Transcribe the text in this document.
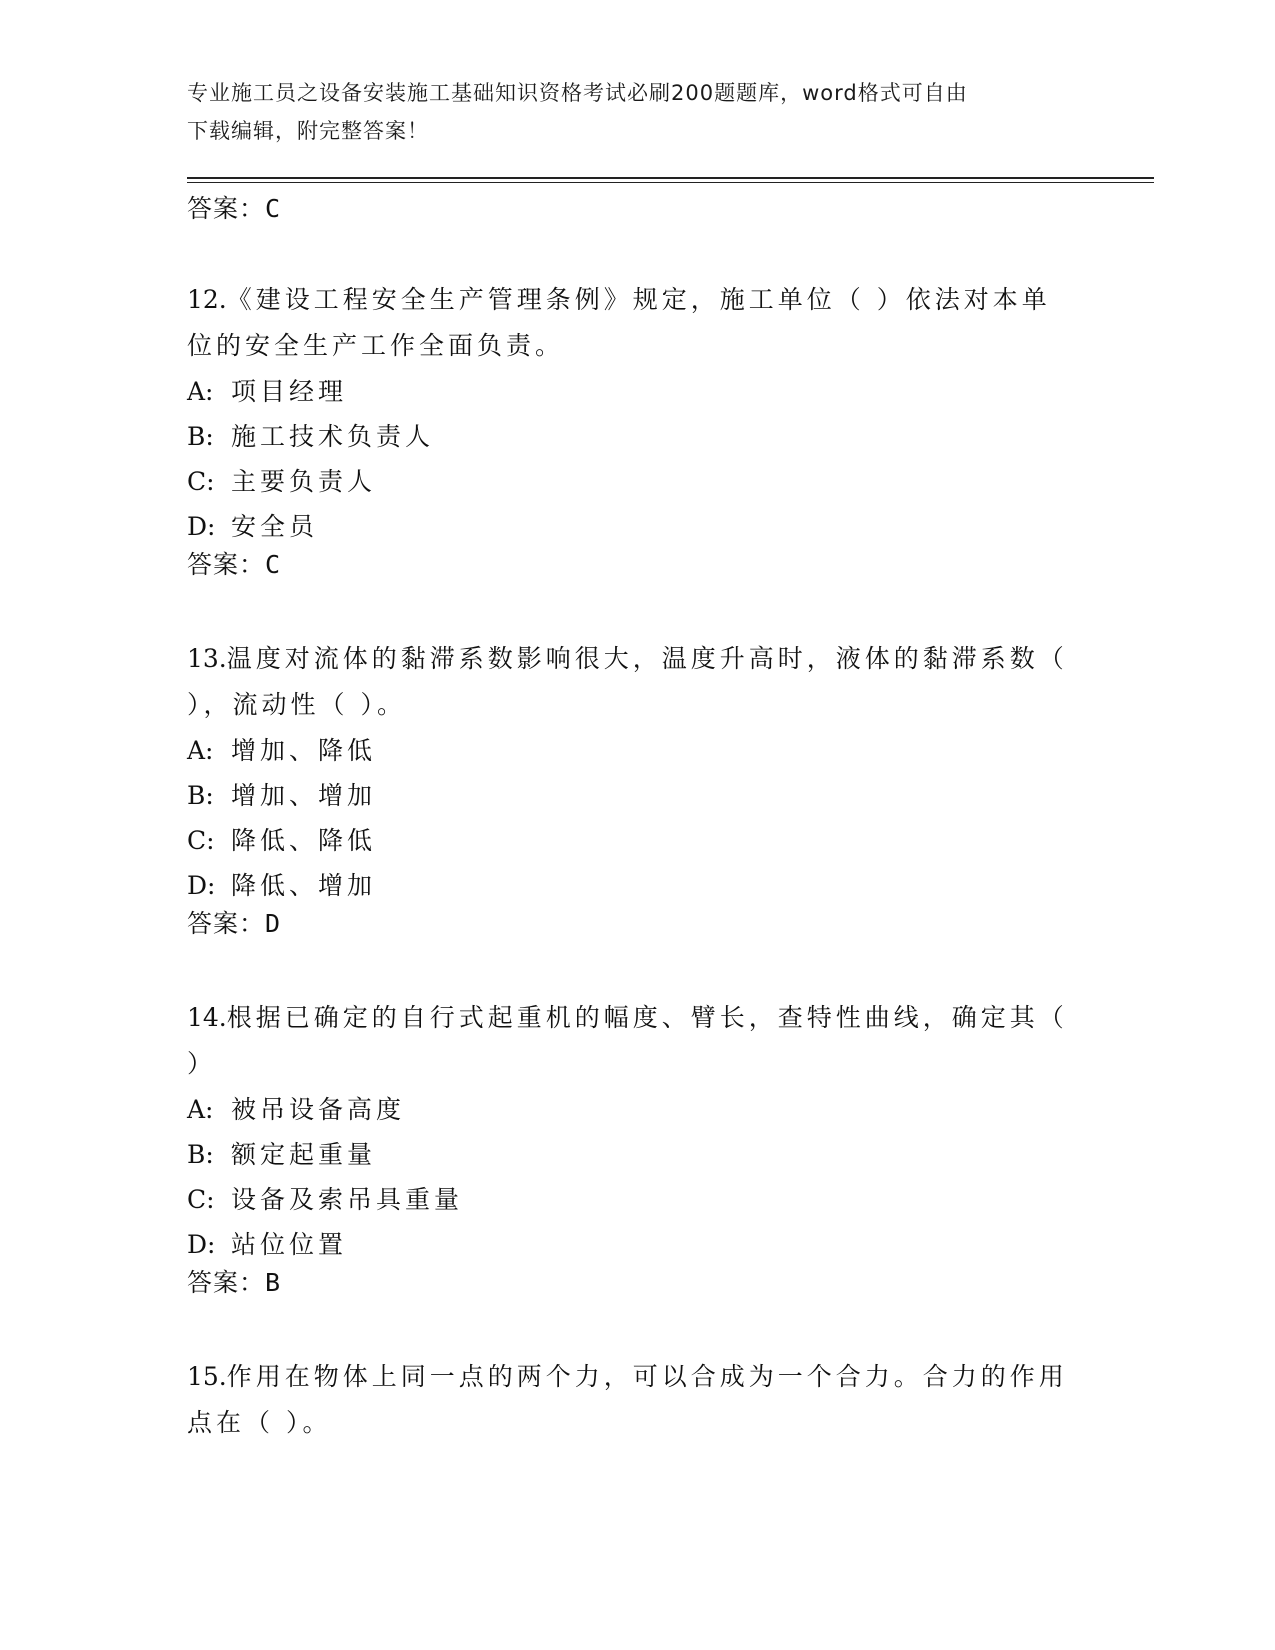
专业施工员之设备安装施工基础知识资格考试必刷200题题库，word格式可自由
下载编辑，附完整答案！
答案：C
12.《建设工程安全生产管理条例》规定，施工单位（ ）依法对本单
位的安全生产工作全面负责。
A: 项目经理
B: 施工技术负责人
C: 主要负责人
D: 安全员
答案：C
13.温度对流体的黏滞系数影响很大，温度升高时，液体的黏滞系数（
），流动性（ ）。
A: 增加、降低
B: 增加、增加
C: 降低、降低
D: 降低、增加
答案：D
14.根据已确定的自行式起重机的幅度、臂长，查特性曲线，确定其（
）
A: 被吊设备高度
B: 额定起重量
C: 设备及索吊具重量
D: 站位位置
答案：B
15.作用在物体上同一点的两个力，可以合成为一个合力。合力的作用
点在（ ）。
